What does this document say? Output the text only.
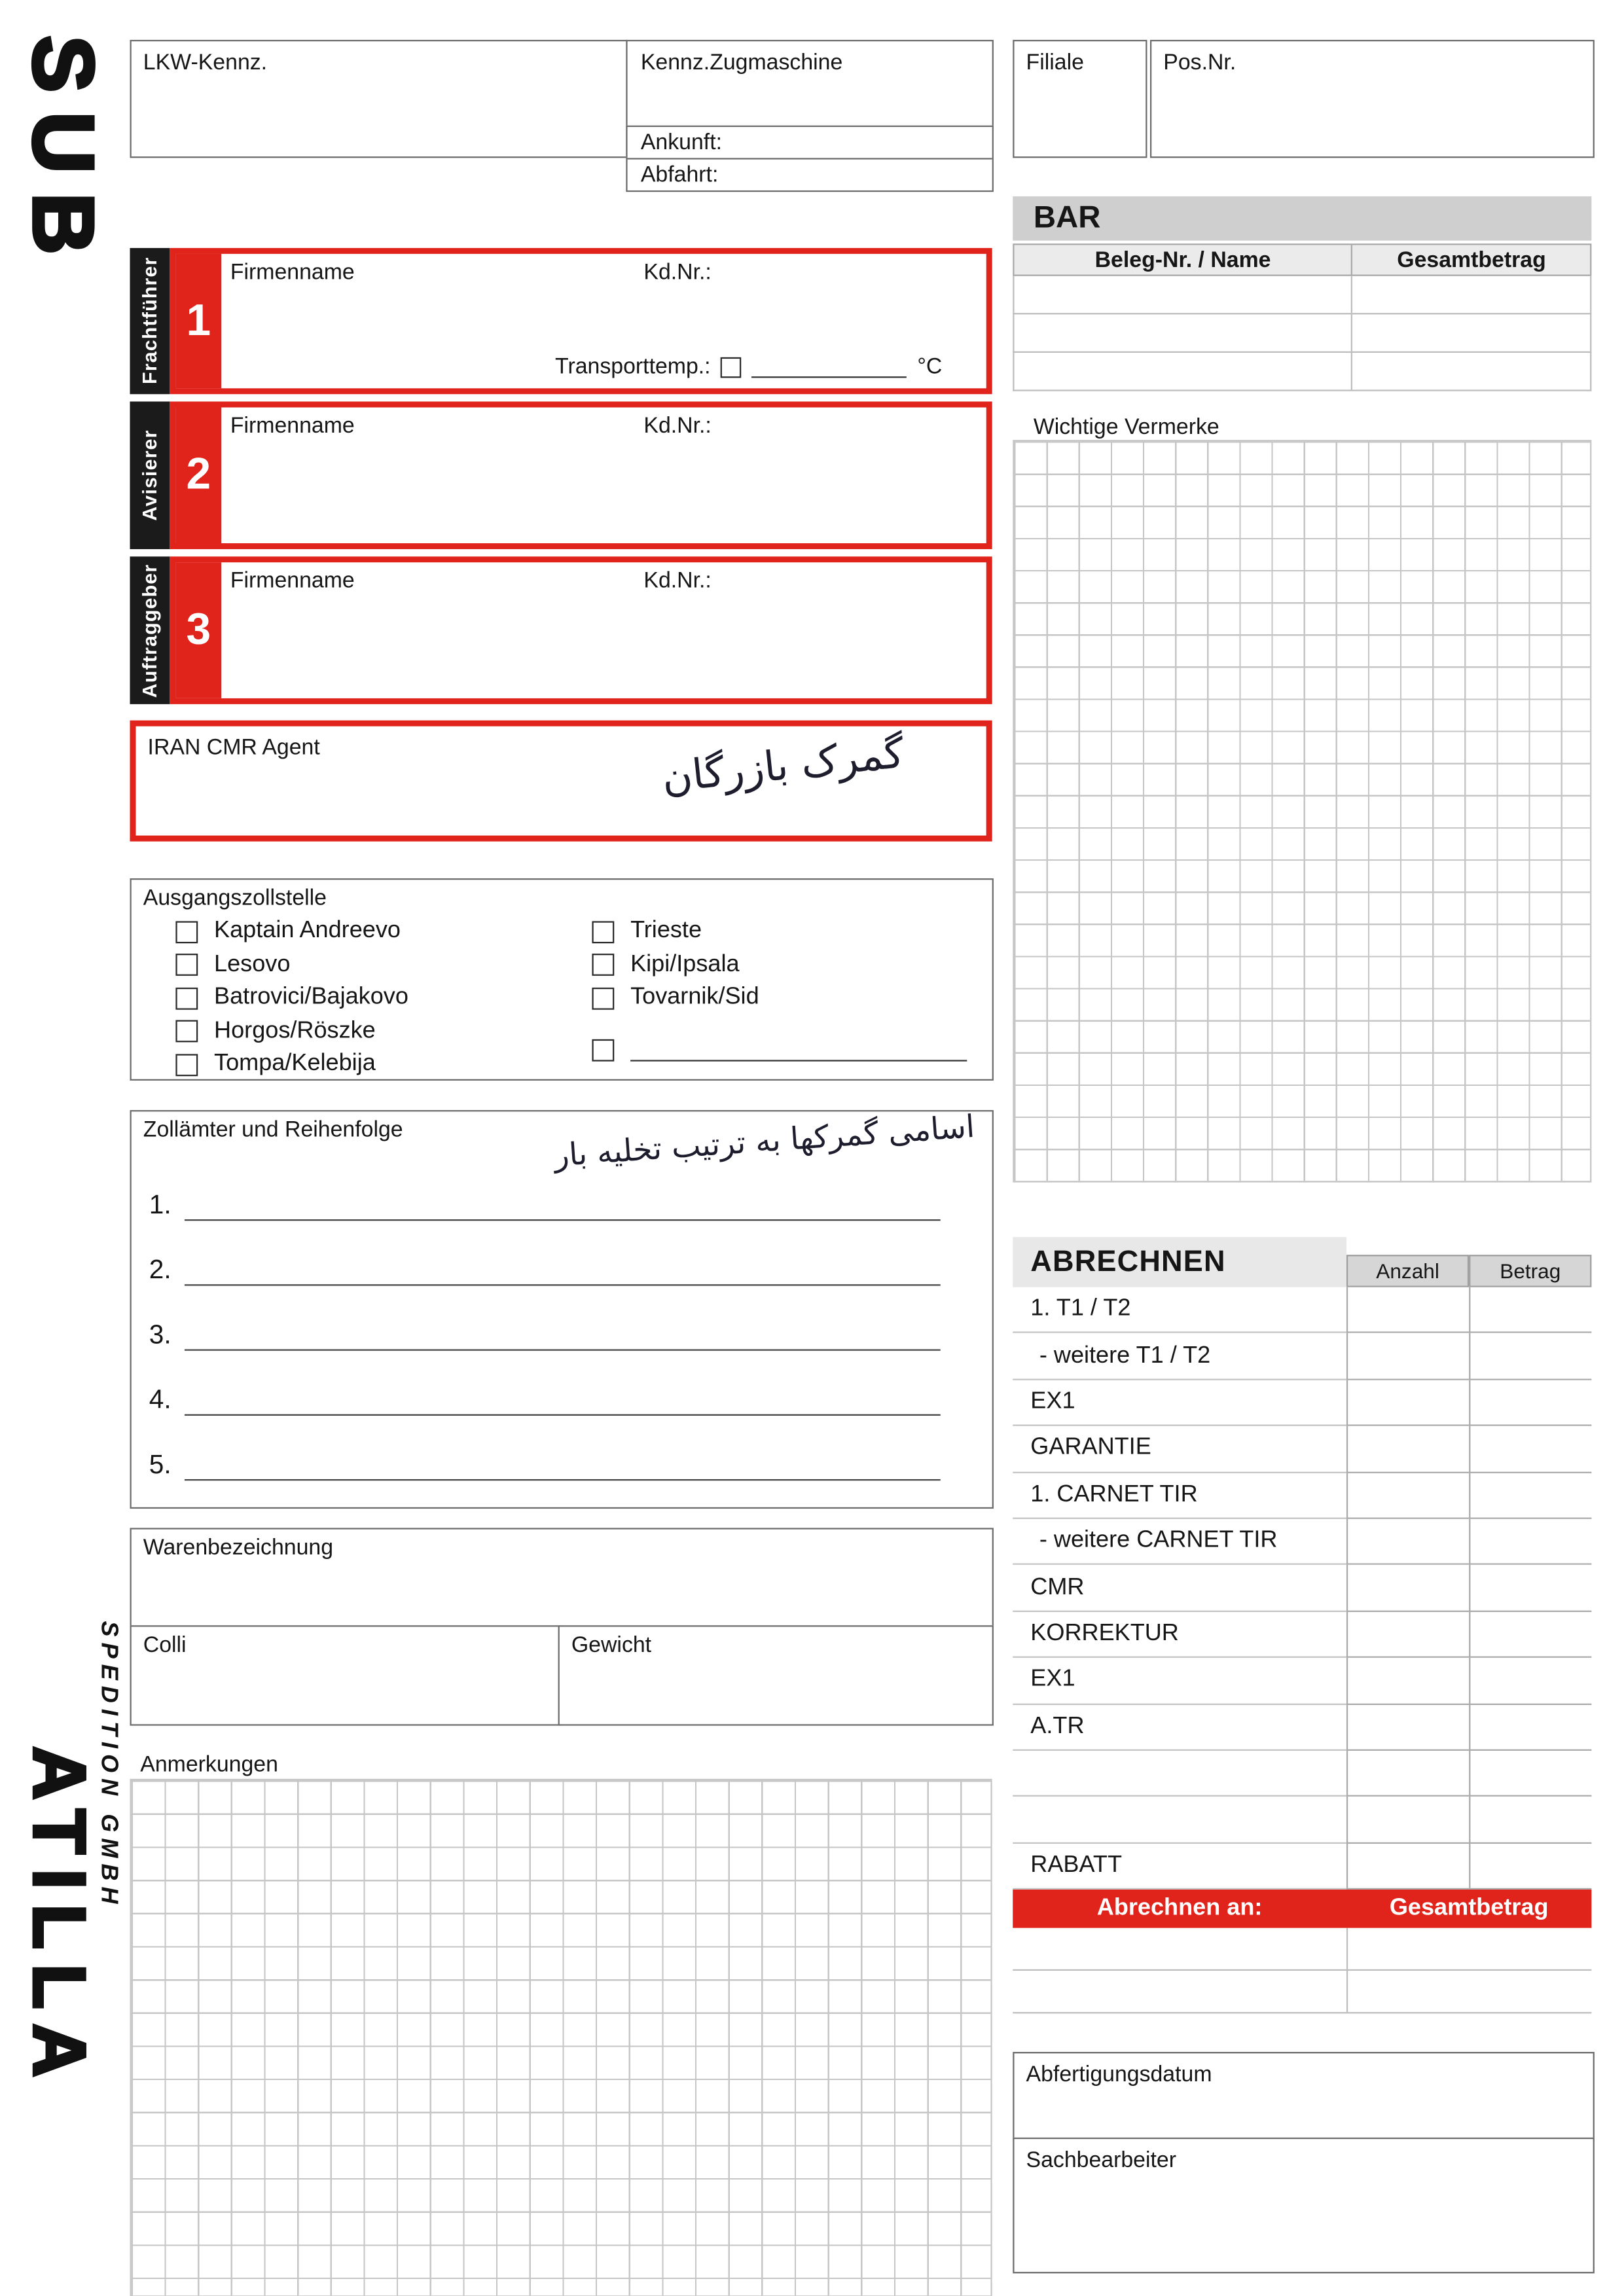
SUB
ATILLA
SPEDITION GMBH
LKW-Kennz.	Kennz.Zugmaschine
Ankunft:
Abfahrt:
Filiale	Pos.Nr.
BAR
Beleg-Nr. / Name	Gesamtbetrag
Frachtführer	1
Firmenname	Kd.Nr.:
Transporttemp.:	°C
Avisierer	2
Firmenname	Kd.Nr.:
Auftraggeber	3
Firmenname	Kd.Nr.:
IRAN CMR Agent	گمرک بازرگان
Ausgangszollstelle
Kaptain Andreevo
Lesovo
Batrovici/Bajakovo
Horgos/Röszke
Tompa/Kelebija
Trieste
Kipi/Ipsala
Tovarnik/Sid
Zollämter und Reihenfolge	اسامی گمرکها به ترتیب تخلیه بار
1.
2.
3.
4.
5.
Warenbezeichnung
Colli	Gewicht
Anmerkungen
Wichtige Vermerke
ABRECHNEN	Anzahl	Betrag
1. T1 / T2
- weitere T1 / T2
EX1
GARANTIE
1. CARNET TIR
- weitere CARNET TIR
CMR
KORREKTUR
EX1
A.TR
RABATT
Abrechnen an:	Gesamtbetrag
Abfertigungsdatum
Sachbearbeiter
